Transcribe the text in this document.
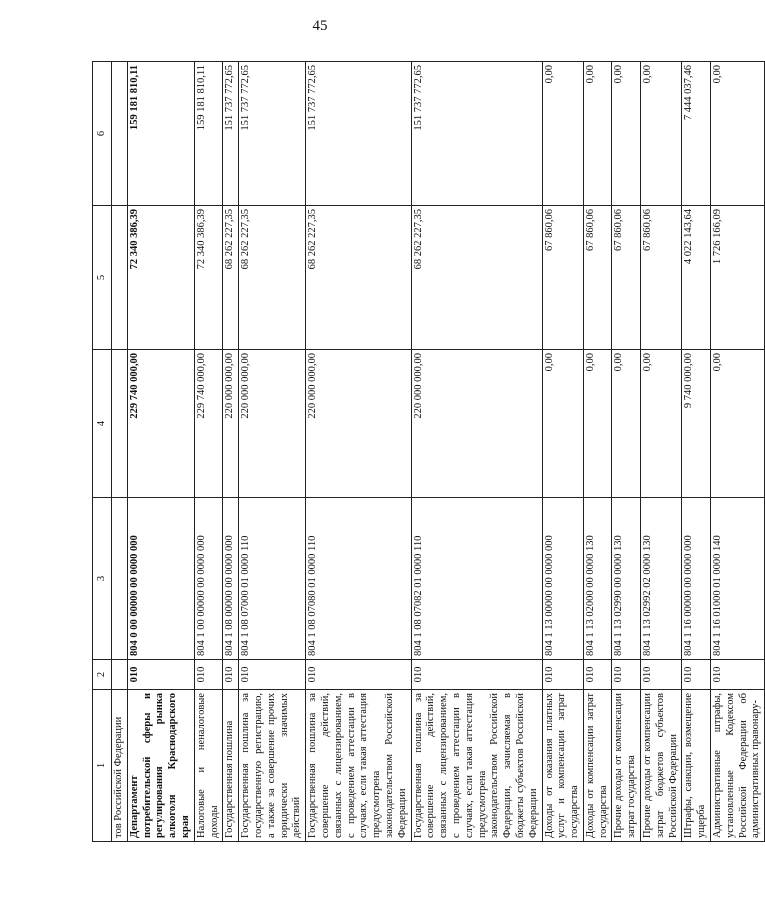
45
1	2	3	4	5	6
тов Российской Федерации					
Департамент потребительской сферы и регулирования рынка алкоголя Краснодарского края	010	804 0 00 00000 00 0000 000	229 740 000,00	72 340 386,39	159 181 810,11
Налоговые и неналоговые доходы	010	804 1 00 00000 00 0000 000	229 740 000,00	72 340 386,39	159 181 810,11
Государственная пошлина	010	804 1 08 00000 00 0000 000	220 000 000,00	68 262 227,35	151 737 772,65
Государственная пошлина за государственную регистрацию, а также за совершение прочих юридически значимых действий	010	804 1 08 07000 01 0000 110	220 000 000,00	68 262 227,35	151 737 772,65
Государственная пошлина за совершение действий, связанных с лицензированием, с проведением аттестации в случаях, если такая аттестация предусмотрена законодательством Российской Федерации	010	804 1 08 07080 01 0000 110	220 000 000,00	68 262 227,35	151 737 772,65
Государственная пошлина за совершение действий, связанных с лицензированием, с проведением аттестации в случаях, если такая аттестация предусмотрена законодательством Российской Федерации, зачисляемая в бюджеты субъектов Российской Федерации	010	804 1 08 07082 01 0000 110	220 000 000,00	68 262 227,35	151 737 772,65
Доходы от оказания платных услуг и компенсации затрат государства	010	804 1 13 00000 00 0000 000	0,00	67 860,06	0,00
Доходы от компенсации затрат государства	010	804 1 13 02000 00 0000 130	0,00	67 860,06	0,00
Прочие доходы от компенсации затрат государства	010	804 1 13 02990 00 0000 130	0,00	67 860,06	0,00
Прочие доходы от компенсации затрат бюджетов субъектов Российской Федерации	010	804 1 13 02992 02 0000 130	0,00	67 860,06	0,00
Штрафы, санкции, возмещение ущерба	010	804 1 16 00000 00 0000 000	9 740 000,00	4 022 143,64	7 444 037,46
Административные штрафы, установленные Кодексом Российской Федерации об административных правонару-	010	804 1 16 01000 01 0000 140	0,00	1 726 166,09	0,00
